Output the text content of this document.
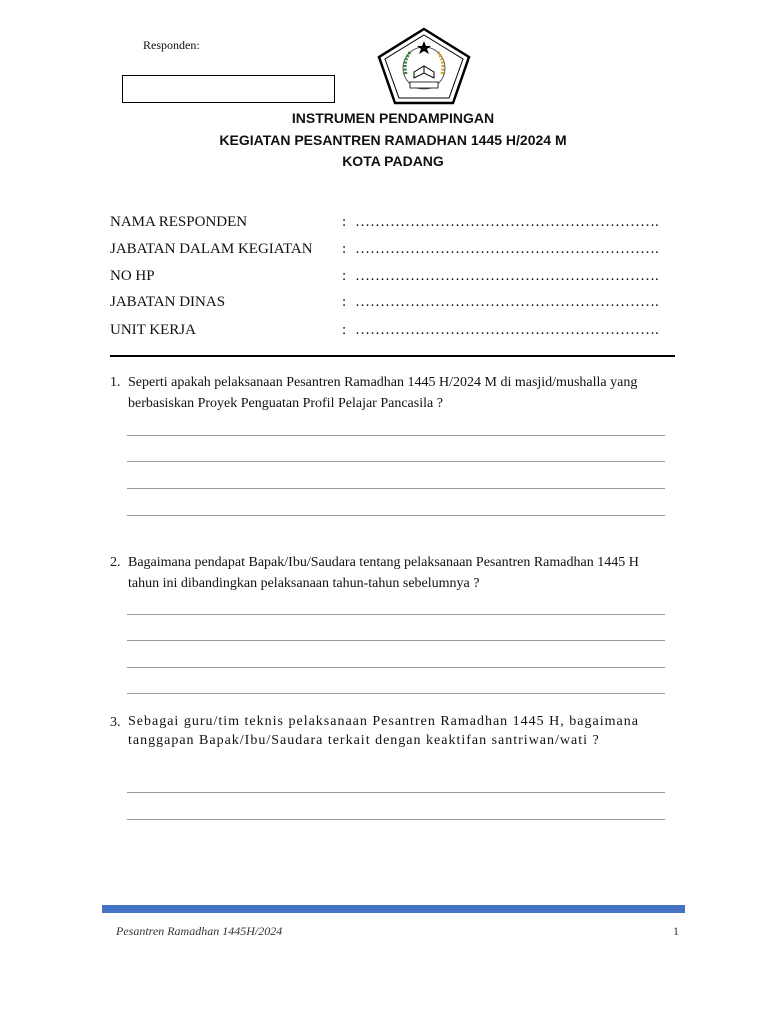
Responden:
INSTRUMEN PENDAMPINGAN
KEGIATAN PESANTREN RAMADHAN 1445 H/2024 M
KOTA PADANG
NAMA RESPONDEN	: …………………………………………………….
JABATAN DALAM KEGIATAN : …………………………………………………….
NO HP	: …………………………………………………….
JABATAN DINAS	: …………………………………………………….
UNIT KERJA	: …………………………………………………….
1. Seperti apakah pelaksanaan Pesantren Ramadhan 1445 H/2024 M di masjid/mushalla yang berbasiskan Proyek Penguatan Profil Pelajar Pancasila ?
2. Bagaimana pendapat Bapak/Ibu/Saudara tentang pelaksanaan Pesantren Ramadhan 1445 H tahun ini dibandingkan pelaksanaan tahun-tahun sebelumnya ?
3. Sebagai guru/tim teknis pelaksanaan Pesantren Ramadhan 1445 H, bagaimana tanggapan Bapak/Ibu/Saudara terkait dengan keaktifan santriwan/wati ?
Pesantren Ramadhan 1445H/2024	1
